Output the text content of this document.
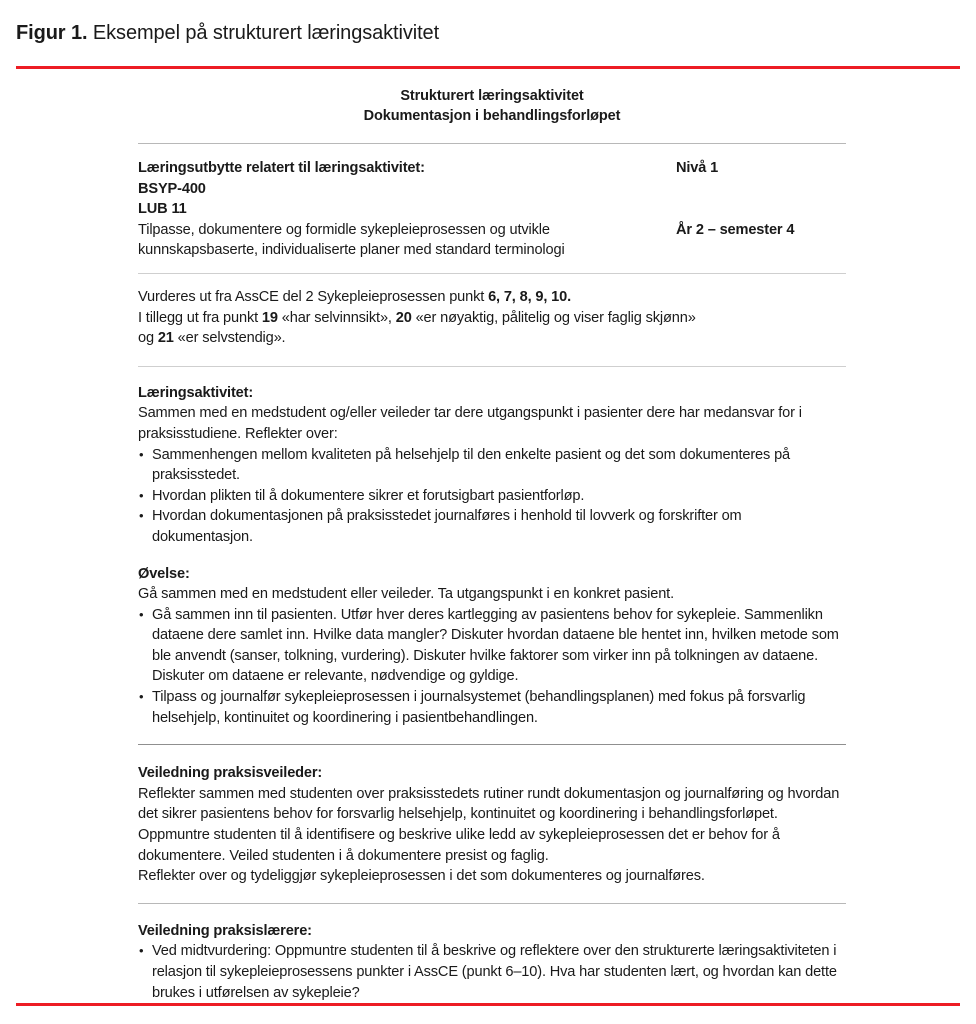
Figur 1. Eksempel på strukturert læringsaktivitet
Strukturert læringsaktivitet
Dokumentasjon i behandlingsforløpet

Læringsutbytte relatert til læringsaktivitet:

BSYP-400

LUB 11

Tilpasse, dokumentere og formidle sykepleieprosessen og utvikle

kunnskapsbaserte, individualiserte planer med standard terminologi

Nivå 1
År 2 – semester 4

Vurderes ut fra AssCE del 2 Sykepleieprosessen punkt 6, 7, 8, 9, 10.

I tillegg ut fra punkt 19 «har selvinnsikt», 20 «er nøyaktig, pålitelig og viser faglig skjønn»

og 21 «er selvstendig».

Læringsaktivitet:

Sammen med en medstudent og/eller veileder tar dere utgangspunkt i pasienter dere har medansvar for i praksisstudiene. Reflekter over:

• Sammenhengen mellom kvaliteten på helsehjelp til den enkelte pasient og det som dokumenteres på praksisstedet.
• Hvordan plikten til å dokumentere sikrer et forutsigbart pasientforløp.
• Hvordan dokumentasjonen på praksisstedet journalføres i henhold til lovverk og forskrifter om dokumentasjon.

Øvelse:

Gå sammen med en medstudent eller veileder. Ta utgangspunkt i en konkret pasient.

• Gå sammen inn til pasienten. Utfør hver deres kartlegging av pasientens behov for sykepleie. Sammenlikn dataene dere samlet inn. Hvilke data mangler? Diskuter hvordan dataene ble hentet inn, hvilken metode som ble anvendt (sanser, tolkning, vurdering). Diskuter hvilke faktorer som virker inn på tolkningen av dataene. Diskuter om dataene er relevante, nødvendige og gyldige.
• Tilpass og journalfør sykepleieprosessen i journalsystemet (behandlingsplanen) med fokus på forsvarlig helsehjelp, kontinuitet og koordinering i pasientbehandlingen.

Veiledning praksisveileder:

Reflekter sammen med studenten over praksisstedets rutiner rundt dokumentasjon og journalføring og hvordan det sikrer pasientens behov for forsvarlig helsehjelp, kontinuitet og koordinering i behandlingsforløpet.

Oppmuntre studenten til å identifisere og beskrive ulike ledd av sykepleieprosessen det er behov for å dokumentere. Veiled studenten i å dokumentere presist og faglig.

Reflekter over og tydeliggjør sykepleieprosessen i det som dokumenteres og journalføres.

Veiledning praksislærere:

• Ved midtvurdering: Oppmuntre studenten til å beskrive og reflektere over den strukturerte læringsaktiviteten i relasjon til sykepleieprosessens punkter i AssCE (punkt 6–10). Hva har studenten lært, og hvordan kan dette brukes i utførelsen av sykepleie?
